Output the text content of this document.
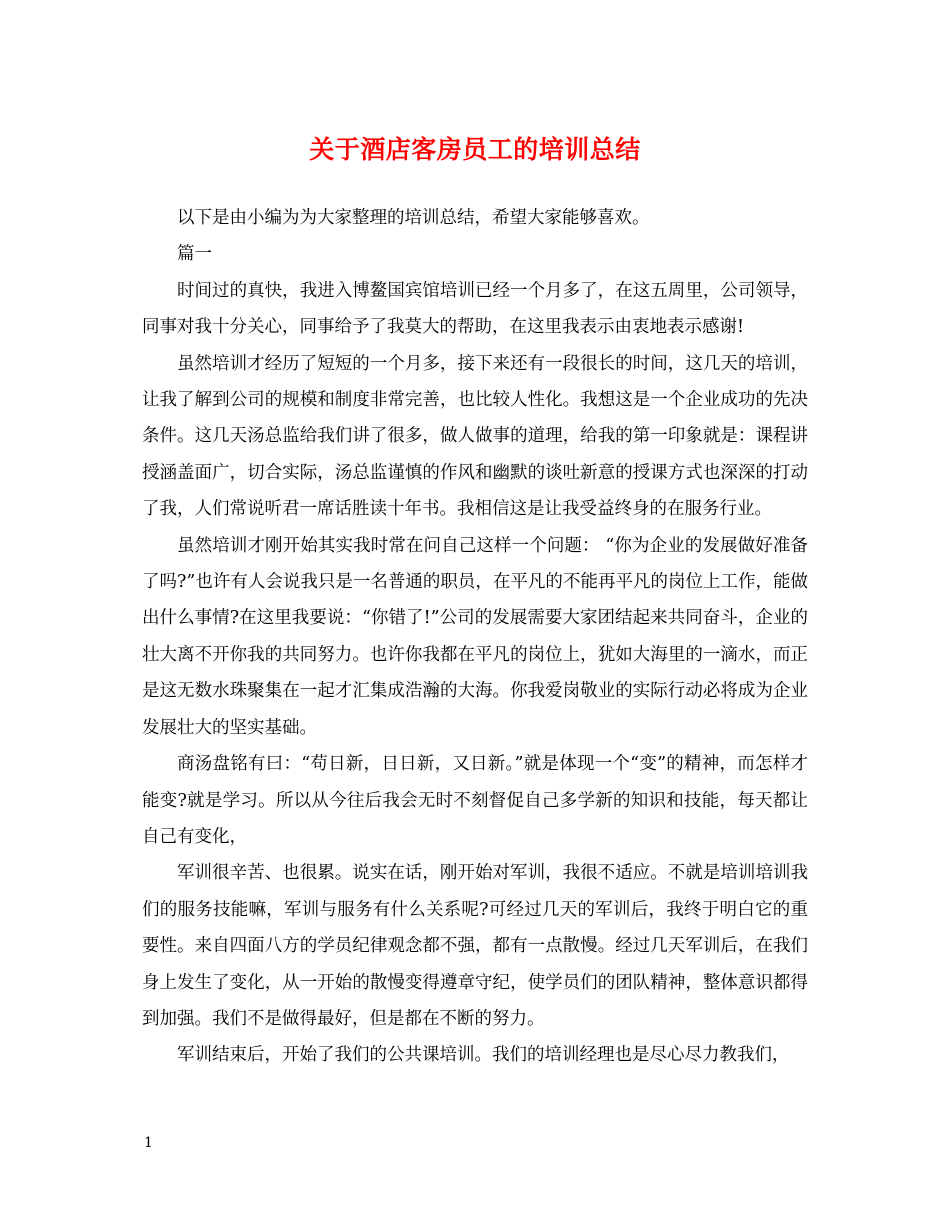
关于酒店客房员工的培训总结

以下是由小编为为大家整理的培训总结，希望大家能够喜欢。

篇一

时间过的真快，我进入博鳌国宾馆培训已经一个月多了，在这五周里，公司领导，同事对我十分关心，同事给予了我莫大的帮助，在这里我表示由衷地表示感谢!

虽然培训才经历了短短的一个月多，接下来还有一段很长的时间，这几天的培训，让我了解到公司的规模和制度非常完善，也比较人性化。我想这是一个企业成功的先决条件。这几天汤总监给我们讲了很多，做人做事的道理，给我的第一印象就是：课程讲授涵盖面广，切合实际，汤总监谨慎的作风和幽默的谈吐新意的授课方式也深深的打动了我，人们常说听君一席话胜读十年书。我相信这是让我受益终身的在服务行业。

虽然培训才刚开始其实我时常在问自己这样一个问题： “你为企业的发展做好准备了吗?”也许有人会说我只是一名普通的职员，在平凡的不能再平凡的岗位上工作，能做出什么事情?在这里我要说：“你错了!”公司的发展需要大家团结起来共同奋斗，企业的壮大离不开你我的共同努力。也许你我都在平凡的岗位上，犹如大海里的一滴水，而正是这无数水珠聚集在一起才汇集成浩瀚的大海。你我爱岗敬业的实际行动必将成为企业发展壮大的坚实基础。

商汤盘铭有曰：“苟日新，日日新，又日新。”就是体现一个“变”的精神，而怎样才能变?就是学习。所以从今往后我会无时不刻督促自己多学新的知识和技能，每天都让自己有变化，

军训很辛苦、也很累。说实在话，刚开始对军训，我很不适应。不就是培训培训我们的服务技能嘛，军训与服务有什么关系呢?可经过几天的军训后，我终于明白它的重要性。来自四面八方的学员纪律观念都不强，都有一点散慢。经过几天军训后，在我们身上发生了变化，从一开始的散慢变得遵章守纪，使学员们的团队精神，整体意识都得到加强。我们不是做得最好，但是都在不断的努力。

军训结束后，开始了我们的公共课培训。我们的培训经理也是尽心尽力教我们，

1
